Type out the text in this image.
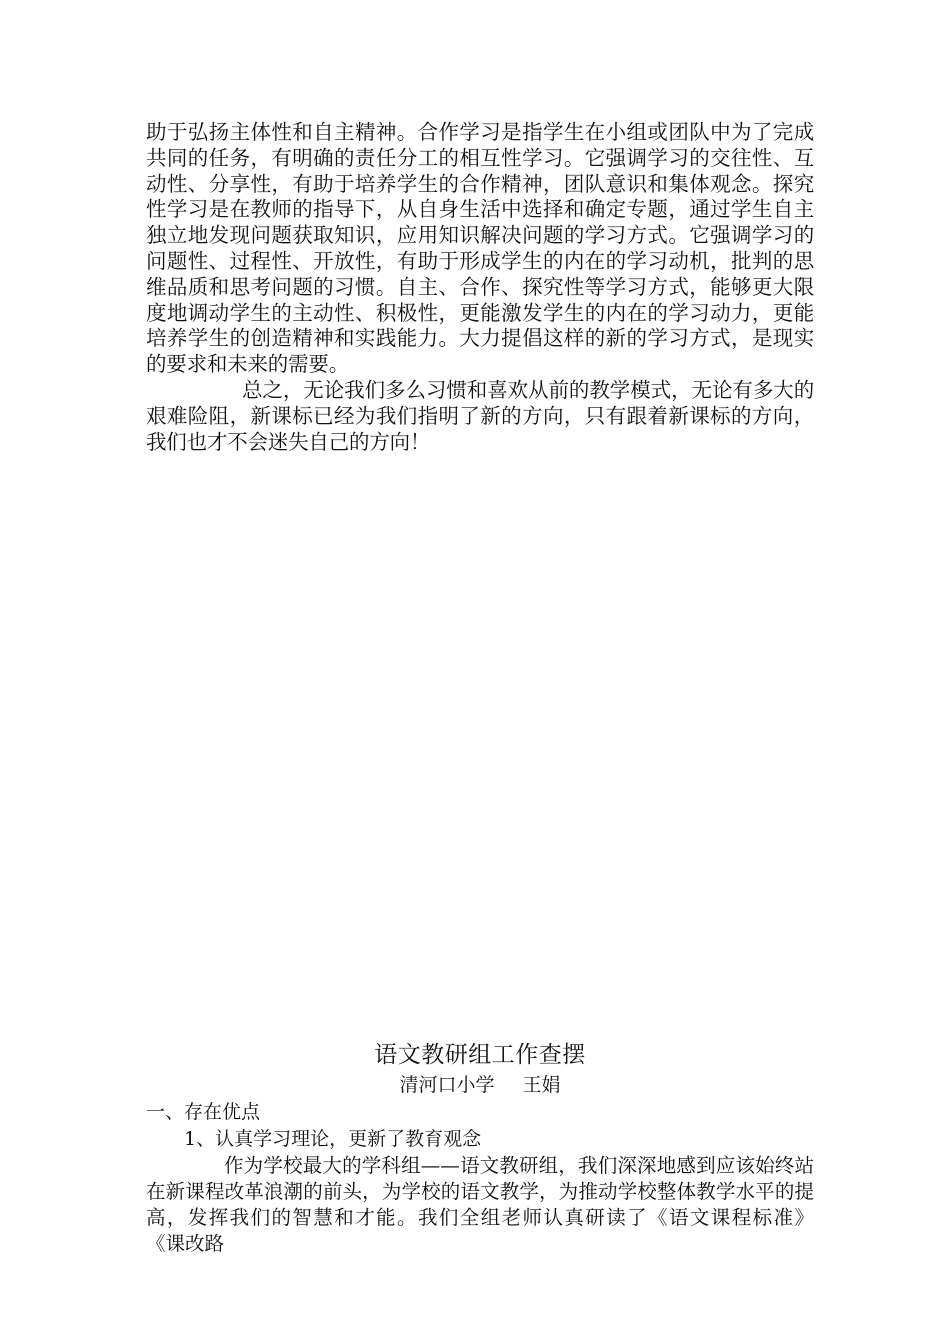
助于弘扬主体性和自主精神。合作学习是指学生在小组或团队中为了完成共同的任务，有明确的责任分工的相互性学习。它强调学习的交往性、互动性、分享性，有助于培养学生的合作精神，团队意识和集体观念。探究性学习是在教师的指导下，从自身生活中选择和确定专题，通过学生自主独立地发现问题获取知识，应用知识解决问题的学习方式。它强调学习的问题性、过程性、开放性，有助于形成学生的内在的学习动机，批判的思维品质和思考问题的习惯。自主、合作、探究性等学习方式，能够更大限度地调动学生的主动性、积极性，更能激发学生的内在的学习动力，更能培养学生的创造精神和实践能力。大力提倡这样的新的学习方式，是现实的要求和未来的需要。

总之，无论我们多么习惯和喜欢从前的教学模式，无论有多大的艰难险阻，新课标已经为我们指明了新的方向，只有跟着新课标的方向，我们也才不会迷失自己的方向！

语文教研组工作查摆

清河口小学 王娟

一、存在优点

1、认真学习理论，更新了教育观念

作为学校最大的学科组——语文教研组，我们深深地感到应该始终站在新课程改革浪潮的前头，为学校的语文教学，为推动学校整体教学水平的提高，发挥我们的智慧和才能。我们全组老师认真研读了《语文课程标准》 《课改路
